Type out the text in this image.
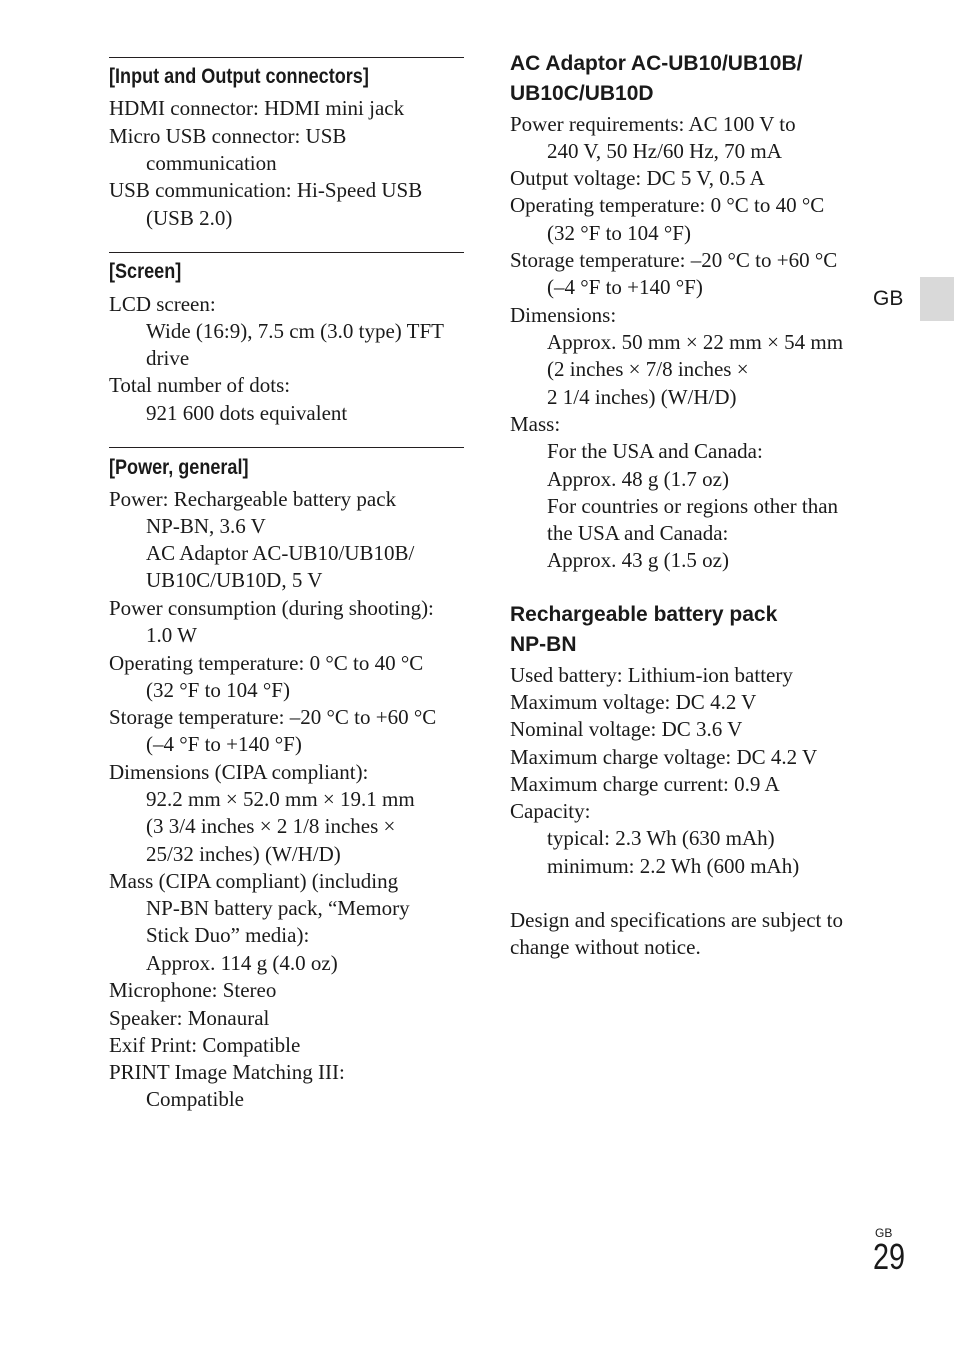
[Input and Output connectors]
HDMI connector: HDMI mini jack
Micro USB connector: USB
communication
USB communication: Hi-Speed USB
(USB 2.0)
[Screen]
LCD screen:
Wide (16:9), 7.5 cm (3.0 type) TFT
drive
Total number of dots:
921 600 dots equivalent
[Power, general]
Power: Rechargeable battery pack
NP-BN, 3.6 V
AC Adaptor AC-UB10/UB10B/
UB10C/UB10D, 5 V
Power consumption (during shooting):
1.0 W
Operating temperature: 0 °C to 40 °C
(32 °F to 104 °F)
Storage temperature: –20 °C to +60 °C
(–4 °F to +140 °F)
Dimensions (CIPA compliant):
92.2 mm × 52.0 mm × 19.1 mm
(3 3/4 inches × 2 1/8 inches ×
25/32 inches) (W/H/D)
Mass (CIPA compliant) (including
NP-BN battery pack, “Memory
Stick Duo” media):
Approx. 114 g (4.0 oz)
Microphone: Stereo
Speaker: Monaural
Exif Print: Compatible
PRINT Image Matching III:
Compatible
AC Adaptor AC-UB10/UB10B/
UB10C/UB10D
Power requirements: AC 100 V to
240 V, 50 Hz/60 Hz, 70 mA
Output voltage: DC 5 V, 0.5 A
Operating temperature: 0 °C to 40 °C
(32 °F to 104 °F)
Storage temperature: –20 °C to +60 °C
(–4 °F to +140 °F)
Dimensions:
Approx. 50 mm × 22 mm × 54 mm
(2 inches × 7/8 inches ×
2 1/4 inches) (W/H/D)
Mass:
For the USA and Canada:
Approx. 48 g (1.7 oz)
For countries or regions other than
the USA and Canada:
Approx. 43 g (1.5 oz)
Rechargeable battery pack
NP-BN
Used battery: Lithium-ion battery
Maximum voltage: DC 4.2 V
Nominal voltage: DC 3.6 V
Maximum charge voltage: DC 4.2 V
Maximum charge current: 0.9 A
Capacity:
typical: 2.3 Wh (630 mAh)
minimum: 2.2 Wh (600 mAh)
Design and specifications are subject to
change without notice.
GB
GB
29
